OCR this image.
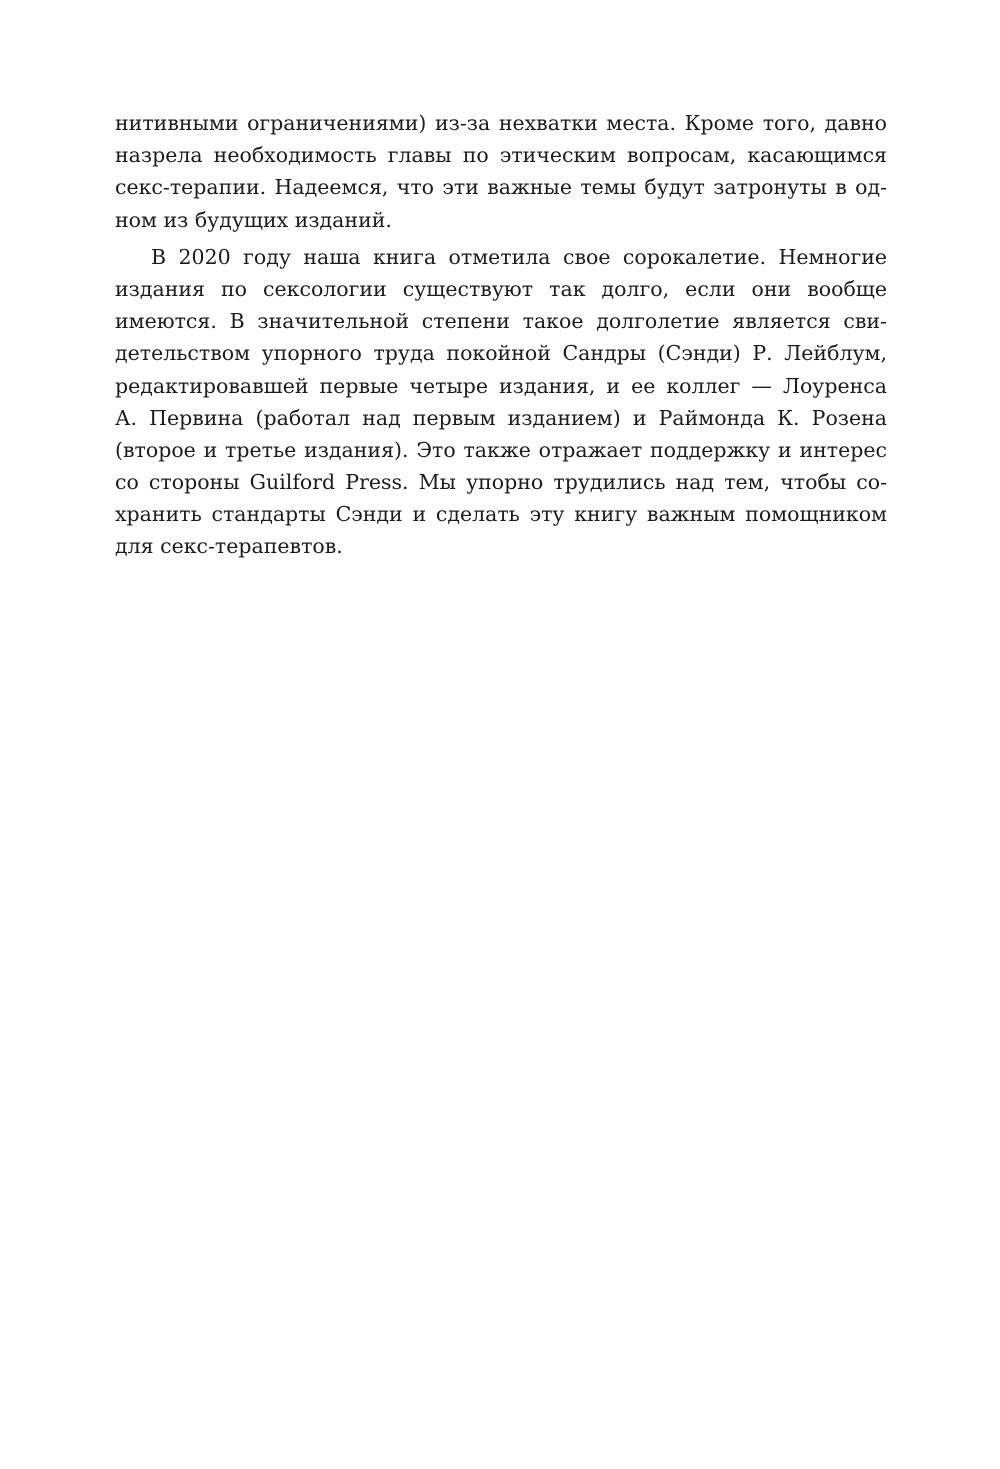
нитивными ограничениями) из-за нехватки места. Кроме того, давно
назрела необходимость главы по этическим вопросам, касающимся
секс-терапии. Надеемся, что эти важные темы будут затронуты в од-
ном из будущих изданий.
В 2020 году наша книга отметила свое сорокалетие. Немногие
издания по сексологии существуют так долго, если они вообще
имеются. В значительной степени такое долголетие является сви-
детельством упорного труда покойной Сандры (Сэнди) Р. Лейблум,
редактировавшей первые четыре издания, и ее коллег — Лоуренса
А. Первина (работал над первым изданием) и Раймонда К. Розена
(второе и третье издания). Это также отражает поддержку и интерес
со стороны Guilford Press. Мы упорно трудились над тем, чтобы со-
хранить стандарты Сэнди и сделать эту книгу важным помощником
для секс-терапевтов.
